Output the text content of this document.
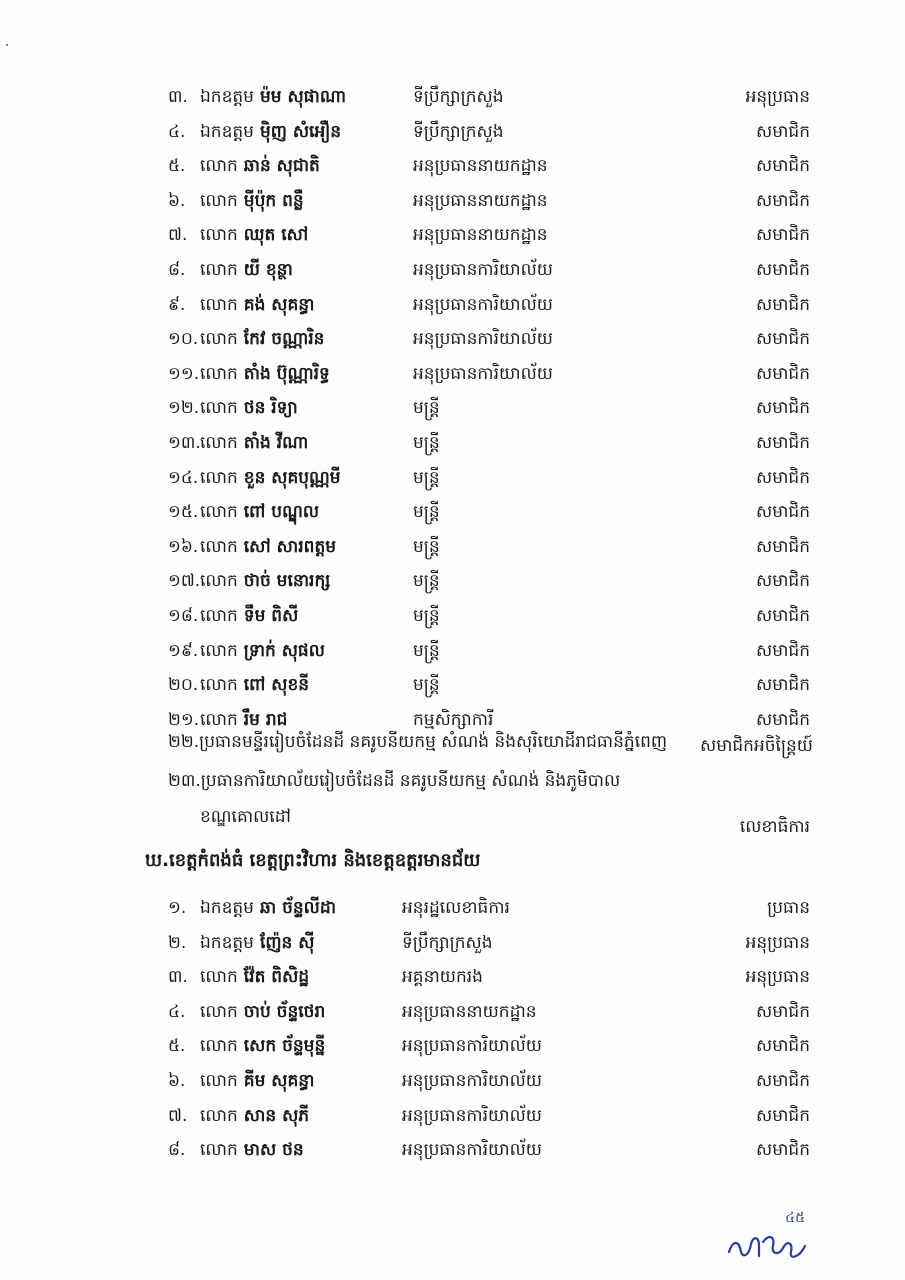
៣. ឯកឧត្តម ម៉ម សុផាណា	ទីប្រឹក្សាក្រសួង	អនុប្រធាន
៤. ឯកឧត្តម ម៉ិញ សំអឿន	ទីប្រឹក្សាក្រសួង	សមាជិក
៥. លោក ឆាន់ សុជាតិ	អនុប្រធាននាយកដ្ឋាន	សមាជិក
៦. លោក ម៉ីប៉ុក ពន្លឺ	អនុប្រធាននាយកដ្ឋាន	សមាជិក
៧. លោក ឈុត សៅ	អនុប្រធាននាយកដ្ឋាន	សមាជិក
៨. លោក យី ខុន្ថា	អនុប្រធានការិយាល័យ	សមាជិក
៩. លោក គង់ សុគន្ធា	អនុប្រធានការិយាល័យ	សមាជិក
១០. លោក កែវ ចណ្ណារិន	អនុប្រធានការិយាល័យ	សមាជិក
១១. លោក តាំង ប៊ុណ្ណារិទ្ធ	អនុប្រធានការិយាល័យ	សមាជិក
១២. លោក ថន រិទ្យា	មន្ត្រី	សមាជិក
១៣. លោក តាំង វីណា	មន្ត្រី	សមាជិក
១៤. លោក ខួន សុគបុណ្ណមី	មន្ត្រី	សមាជិក
១៥. លោក ពៅ បណ្ឌុល	មន្ត្រី	សមាជិក
១៦. លោក សៅ សារពត្តម	មន្ត្រី	សមាជិក
១៧. លោក ថាច់ មនោរក្ស	មន្ត្រី	សមាជិក
១៨. លោក ទឹម ពិសី	មន្ត្រី	សមាជិក
១៩. លោក ទ្រាក់ សុផល	មន្ត្រី	សមាជិក
២០. លោក ពៅ សុខនី	មន្ត្រី	សមាជិក
២១. លោក រឹម រាជ	កម្មសិក្សាការី	សមាជិក
២២.ប្រធានមន្ទីររៀបចំដែនដី នគរូបនីយកម្ម សំណង់ និងសុរិយោដីរាជធានីភ្នំពេញ សមាជិកអចិន្ត្រៃយ៍
២៣.ប្រធានការិយាល័យរៀបចំដែនដី នគរូបនីយកម្ម សំណង់ និងភូមិបាល
ខណ្ឌគោលដៅ	លេខាធិការ
ឃ.ខេត្តកំពង់ធំ ខេត្តព្រះវិហារ និងខេត្តឧត្តរមានជ័យ
១. ឯកឧត្តម ឆា ច័ន្ទលីដា	អនុរដ្ឋលេខាធិការ	ប្រធាន
២. ឯកឧត្តម ញ៉ែន ស៊ី	ទីប្រឹក្សាក្រសួង	អនុប្រធាន
៣. លោក វ៉ែត ពិសិដ្ឋ	អគ្គនាយករង	អនុប្រធាន
៤. លោក ចាប់ ច័ន្ទថេរា	អនុប្រធាននាយកដ្ឋាន	សមាជិក
៥. លោក សេក ច័ន្ទមុន្នី	អនុប្រធានការិយាល័យ	សមាជិក
៦. លោក គីម សុគន្ធា	អនុប្រធានការិយាល័យ	សមាជិក
៧. លោក សាន សុភី	អនុប្រធានការិយាល័យ	សមាជិក
៨. លោក មាស ថន	អនុប្រធានការិយាល័យ	សមាជិក
៤៥
